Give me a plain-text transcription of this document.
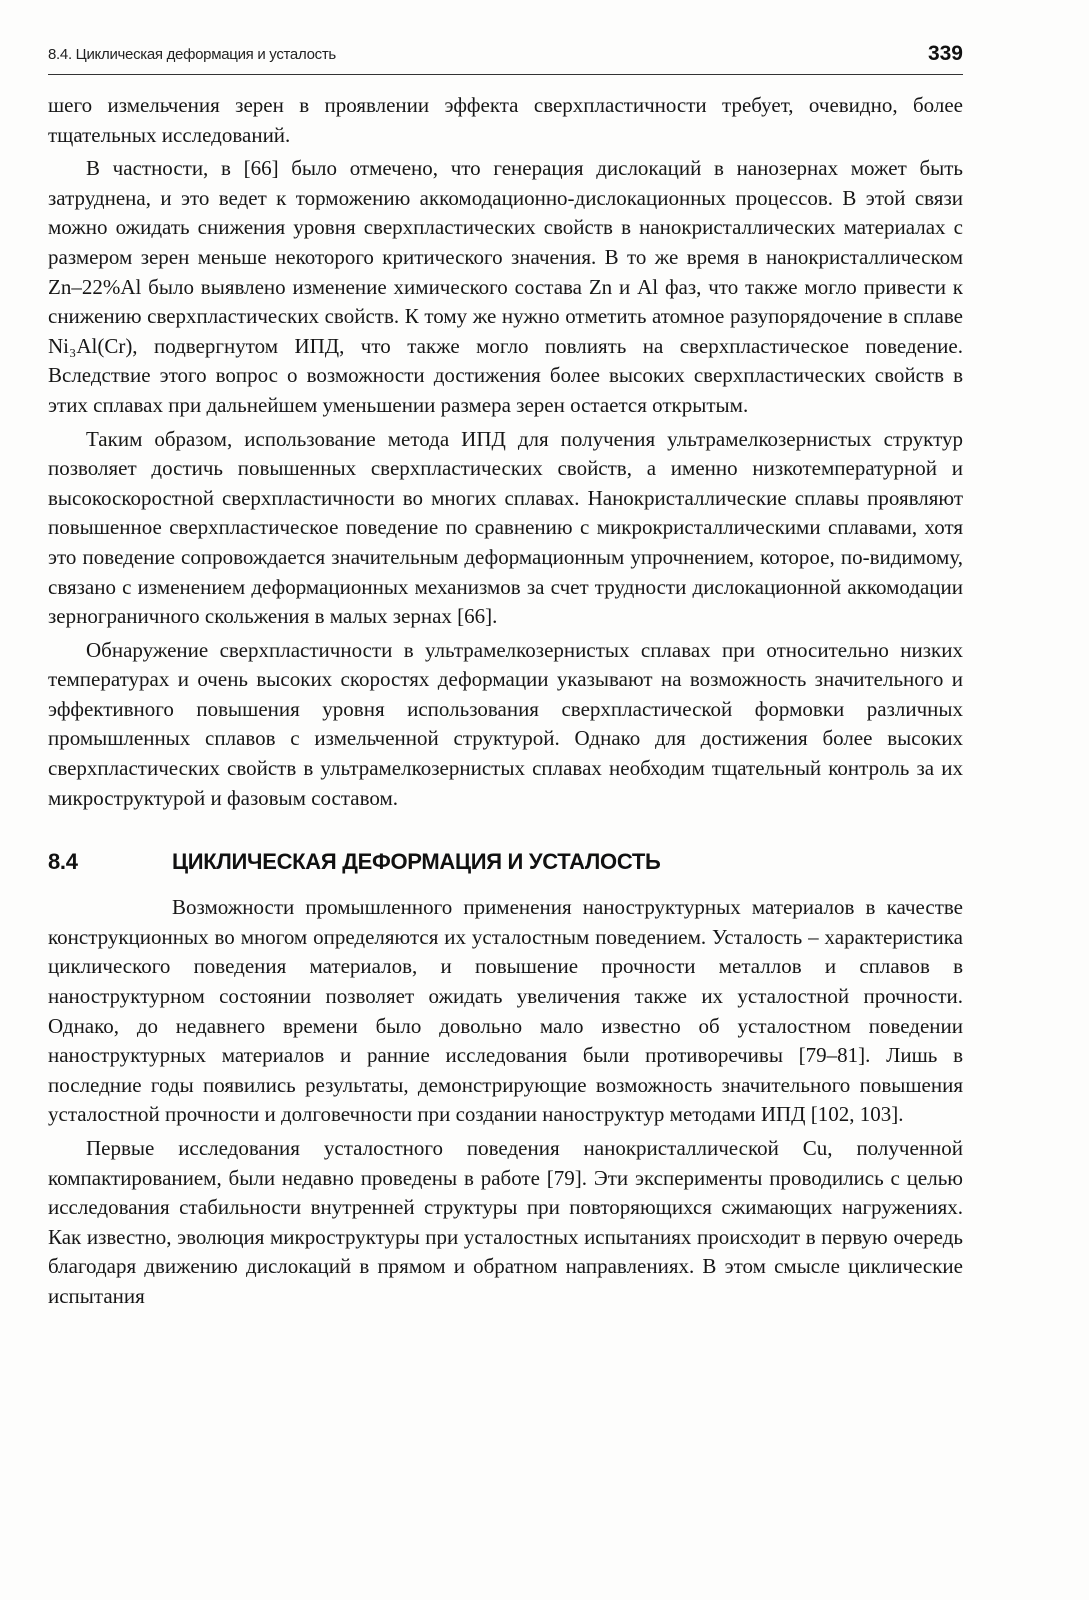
8.4. Циклическая деформация и усталость	339

шего измельчения зерен в проявлении эффекта сверхпластичности требует, очевидно, более тщательных исследований.

В частности, в [66] было отмечено, что генерация дислокаций в нанозернах может быть затруднена, и это ведет к торможению аккомодационно-дислокационных процессов. В этой связи можно ожидать снижения уровня сверхпластических свойств в нанокристаллических материалах с размером зерен меньше некоторого критического значения. В то же время в нанокристаллическом Zn–22%Al было выявлено изменение химического состава Zn и Al фаз, что также могло привести к снижению сверхпластических свойств. К тому же нужно отметить атомное разупорядочение в сплаве Ni₃Al(Cr), подвергнутом ИПД, что также могло повлиять на сверхпластическое поведение. Вследствие этого вопрос о возможности достижения более высоких сверхпластических свойств в этих сплавах при дальнейшем уменьшении размера зерен остается открытым.

Таким образом, использование метода ИПД для получения ультрамелкозернистых структур позволяет достичь повышенных сверхпластических свойств, а именно низкотемпературной и высокоскоростной сверхпластичности во многих сплавах. Нанокристаллические сплавы проявляют повышенное сверхпластическое поведение по сравнению с микрокристаллическими сплавами, хотя это поведение сопровождается значительным деформационным упрочнением, которое, по-видимому, связано с изменением деформационных механизмов за счет трудности дислокационной аккомодации зернограничного скольжения в малых зернах [66].

Обнаружение сверхпластичности в ультрамелкозернистых сплавах при относительно низких температурах и очень высоких скоростях деформации указывают на возможность значительного и эффективного повышения уровня использования сверхпластической формовки различных промышленных сплавов с измельченной структурой. Однако для достижения более высоких сверхпластических свойств в ультрамелкозернистых сплавах необходим тщательный контроль за их микроструктурой и фазовым составом.

8.4	ЦИКЛИЧЕСКАЯ ДЕФОРМАЦИЯ И УСТАЛОСТЬ

Возможности промышленного применения наноструктурных материалов в качестве конструкционных во многом определяются их усталостным поведением. Усталость – характеристика циклического поведения материалов, и повышение прочности металлов и сплавов в наноструктурном состоянии позволяет ожидать увеличения также их усталостной прочности. Однако, до недавнего времени было довольно мало известно об усталостном поведении наноструктурных материалов и ранние исследования были противоречивы [79–81]. Лишь в последние годы появились результаты, демонстрирующие возможность значительного повышения усталостной прочности и долговечности при создании наноструктур методами ИПД [102, 103].

Первые исследования усталостного поведения нанокристаллической Cu, полученной компактированием, были недавно проведены в работе [79]. Эти эксперименты проводились с целью исследования стабильности внутренней структуры при повторяющихся сжимающих нагружениях. Как известно, эволюция микроструктуры при усталостных испытаниях происходит в первую очередь благодаря движению дислокаций в прямом и обратном направлениях. В этом смысле циклические испытания
